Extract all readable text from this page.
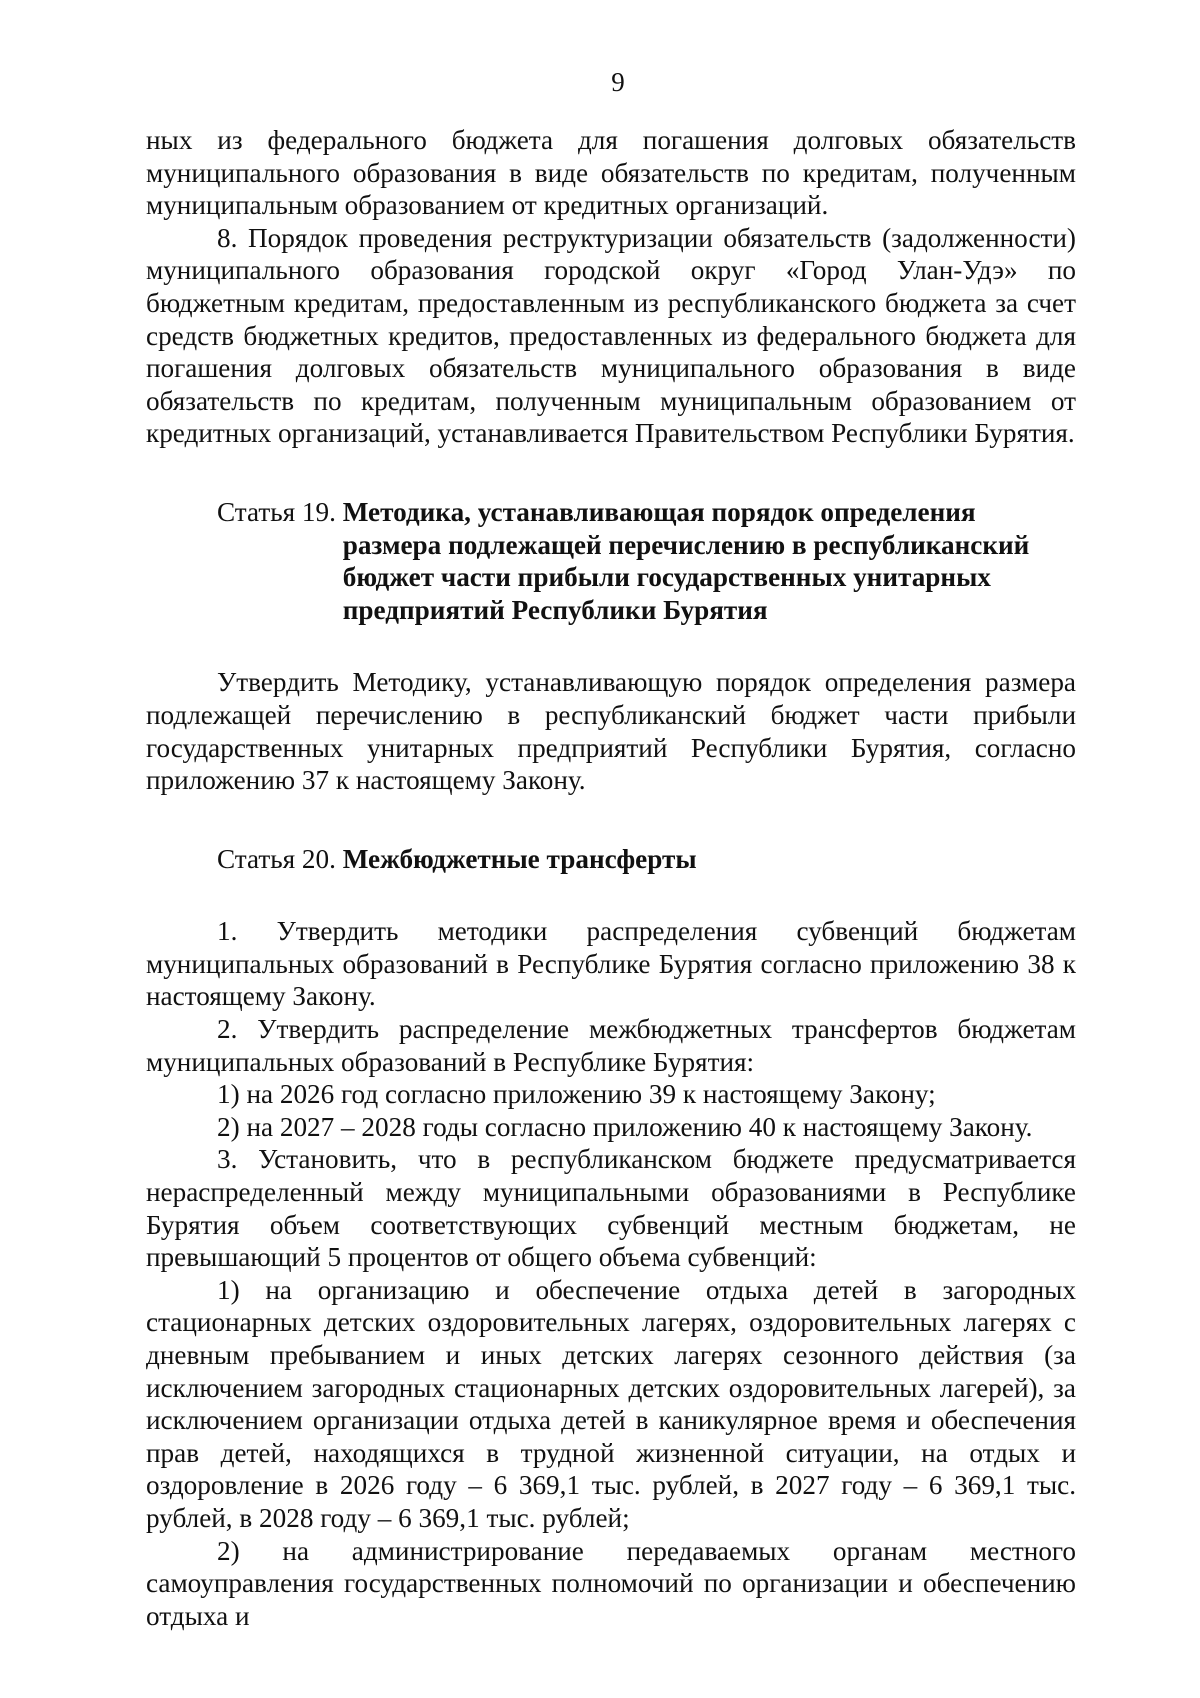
9

ных из федерального бюджета для погашения долговых обязательств муниципального образования в виде обязательств по кредитам, полученным муниципальным образованием от кредитных организаций.

8. Порядок проведения реструктуризации обязательств (задолженности) муниципального образования городской округ «Город Улан-Удэ» по бюджетным кредитам, предоставленным из республиканского бюджета за счет средств бюджетных кредитов, предоставленных из федерального бюджета для погашения долговых обязательств муниципального образования в виде обязательств по кредитам, полученным муниципальным образованием от кредитных организаций, устанавливается Правительством Республики Бурятия.

Статья 19. Методика, устанавливающая порядок определения размера подлежащей перечислению в республиканский бюджет части прибыли государственных унитарных предприятий Республики Бурятия

Утвердить Методику, устанавливающую порядок определения размера подлежащей перечислению в республиканский бюджет части прибыли государственных унитарных предприятий Республики Бурятия, согласно приложению 37 к настоящему Закону.

Статья 20. Межбюджетные трансферты

1. Утвердить методики распределения субвенций бюджетам муниципальных образований в Республике Бурятия согласно приложению 38 к настоящему Закону.

2. Утвердить распределение межбюджетных трансфертов бюджетам муниципальных образований в Республике Бурятия:

1) на 2026 год согласно приложению 39 к настоящему Закону;

2) на 2027 – 2028 годы согласно приложению 40 к настоящему Закону.

3. Установить, что в республиканском бюджете предусматривается нераспределенный между муниципальными образованиями в Республике Бурятия объем соответствующих субвенций местным бюджетам, не превышающий 5 процентов от общего объема субвенций:

1) на организацию и обеспечение отдыха детей в загородных стационарных детских оздоровительных лагерях, оздоровительных лагерях с дневным пребыванием и иных детских лагерях сезонного действия (за исключением загородных стационарных детских оздоровительных лагерей), за исключением организации отдыха детей в каникулярное время и обеспечения прав детей, находящихся в трудной жизненной ситуации, на отдых и оздоровление в 2026 году – 6 369,1 тыс. рублей, в 2027 году – 6 369,1 тыс. рублей, в 2028 году – 6 369,1 тыс. рублей;

2) на администрирование передаваемых органам местного самоуправления государственных полномочий по организации и обеспечению отдыха и
